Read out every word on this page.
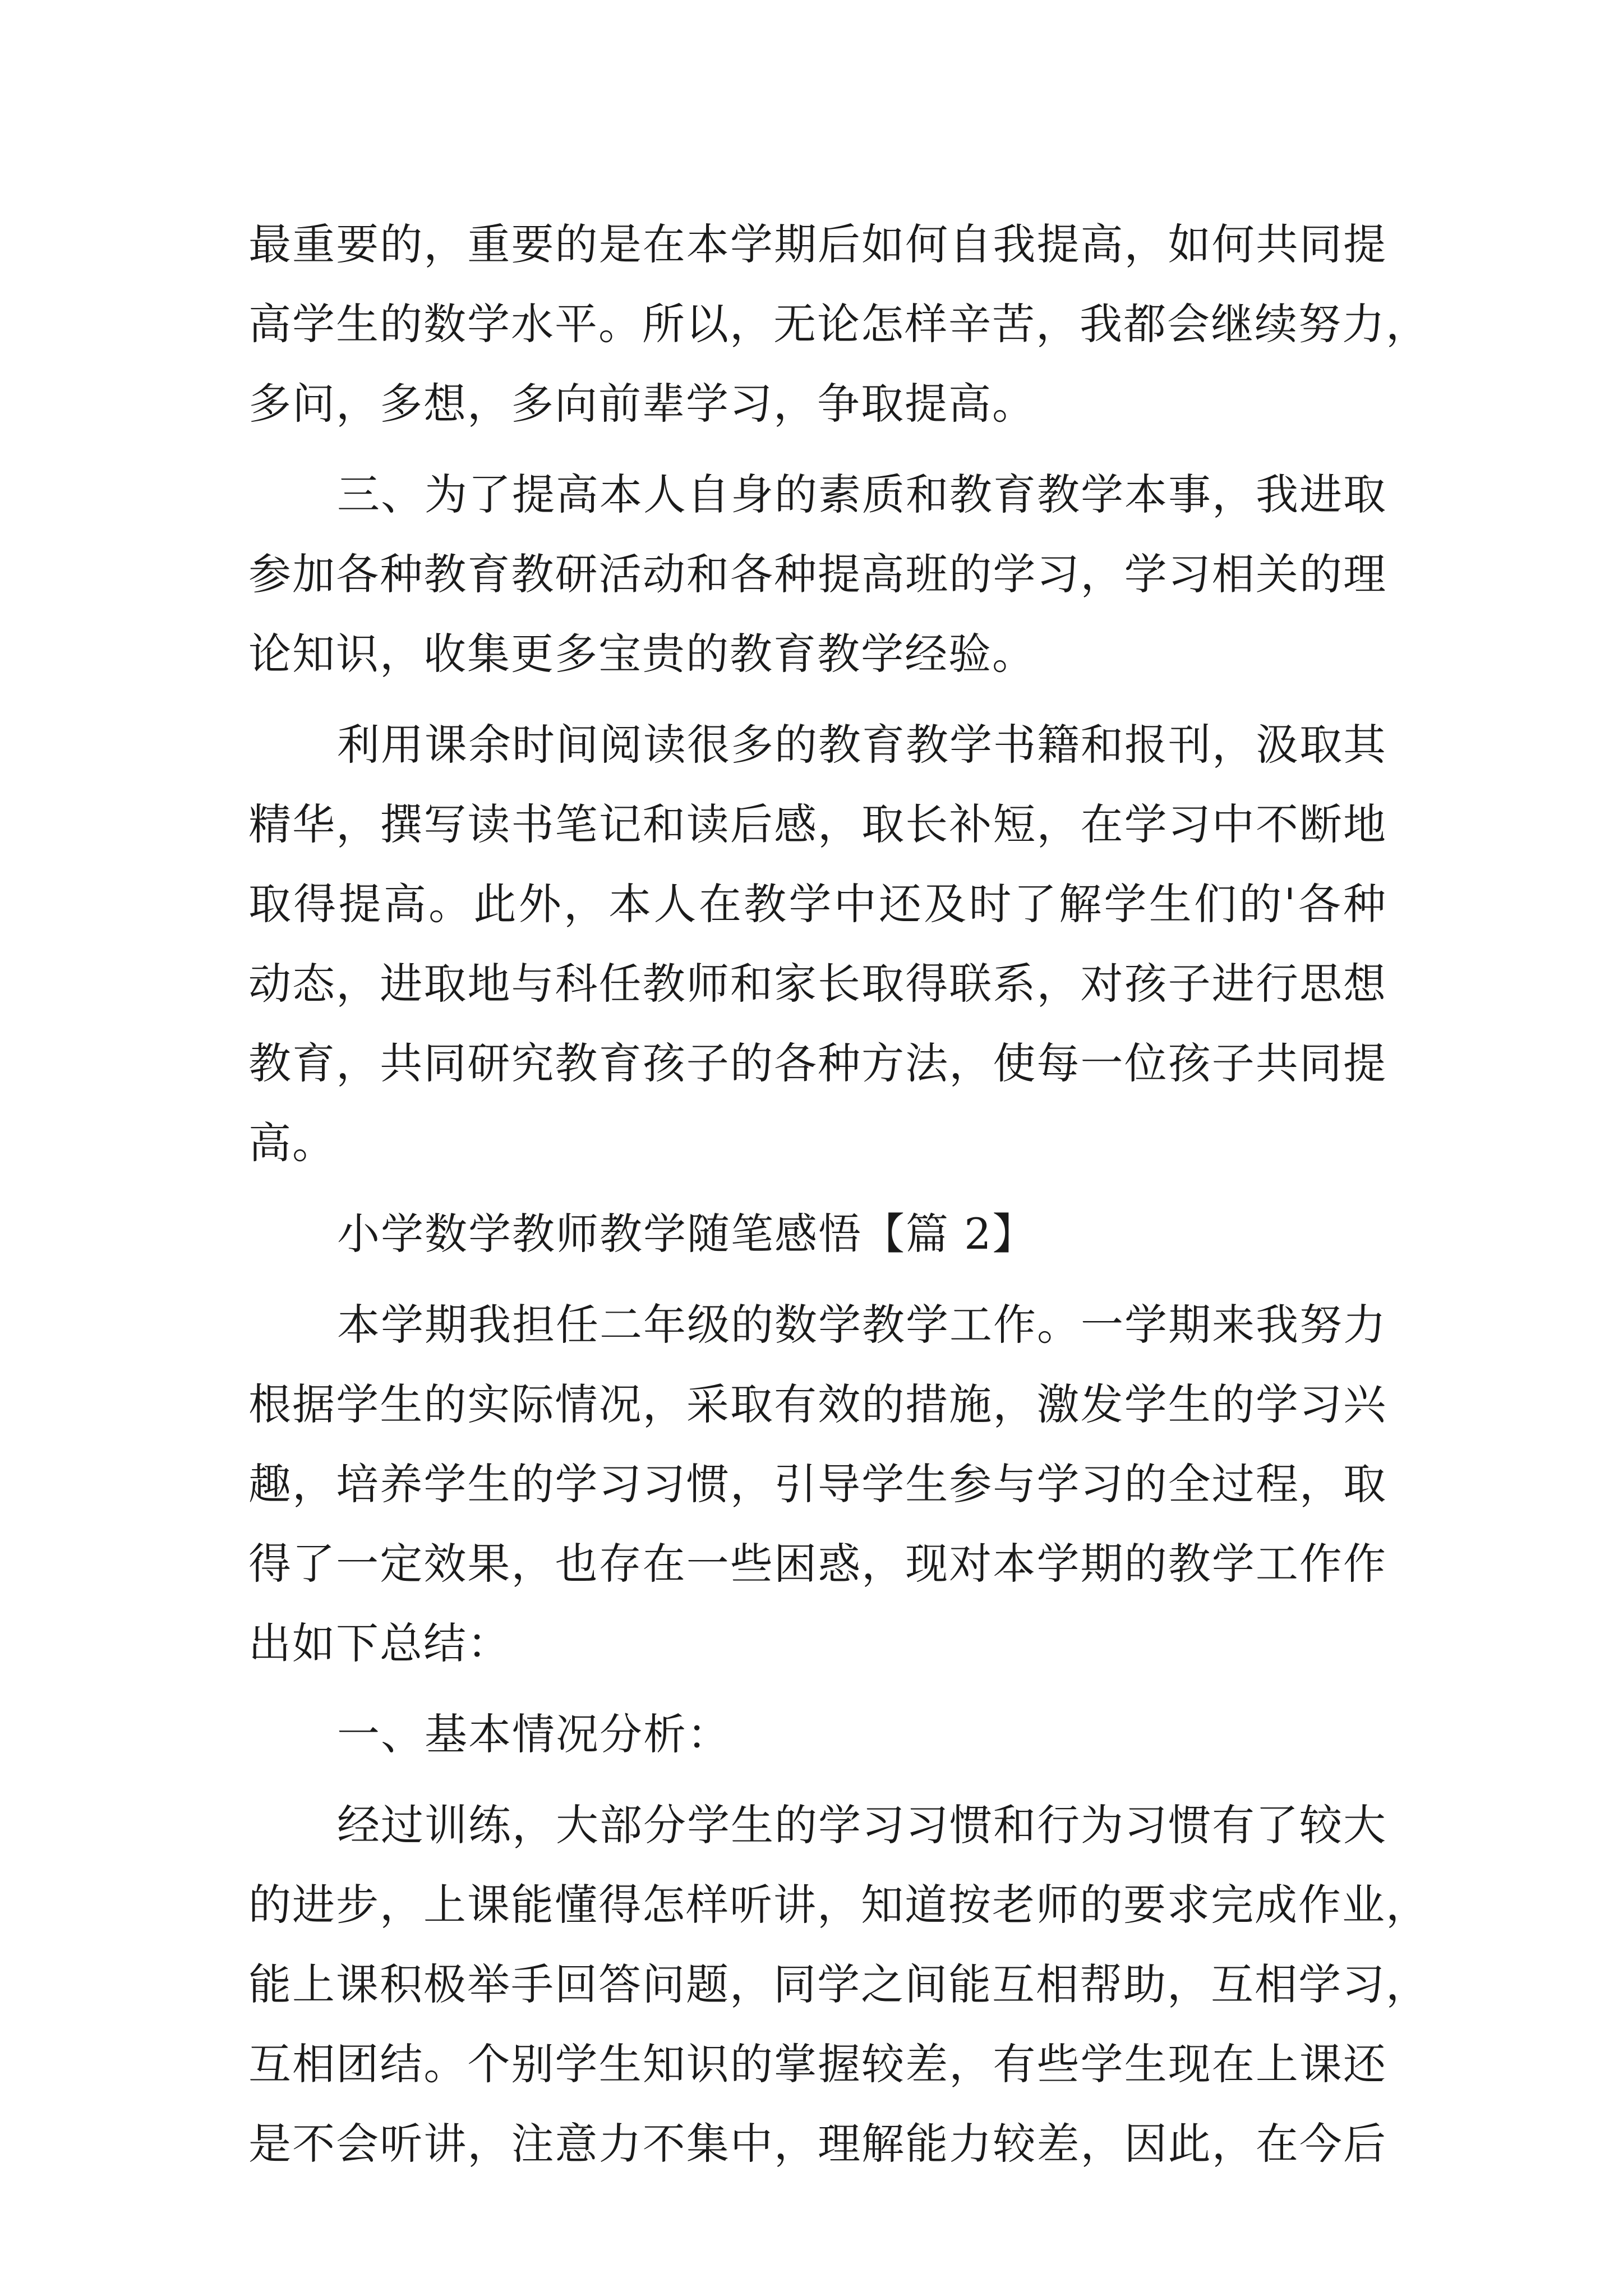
最重要的，重要的是在本学期后如何自我提高，如何共同提
高学生的数学水平。所以，无论怎样辛苦，我都会继续努力，
多问，多想，多向前辈学习，争取提高。
三、为了提高本人自身的素质和教育教学本事，我进取
参加各种教育教研活动和各种提高班的学习，学习相关的理
论知识，收集更多宝贵的教育教学经验。
利用课余时间阅读很多的教育教学书籍和报刊，汲取其
精华，撰写读书笔记和读后感，取长补短，在学习中不断地
取得提高。此外，本人在教学中还及时了解学生们的'各种
动态，进取地与科任教师和家长取得联系，对孩子进行思想
教育，共同研究教育孩子的各种方法，使每一位孩子共同提
高。
小学数学教师教学随笔感悟【篇 2】
本学期我担任二年级的数学教学工作。一学期来我努力
根据学生的实际情况，采取有效的措施，激发学生的学习兴
趣，培养学生的学习习惯，引导学生参与学习的全过程，取
得了一定效果，也存在一些困惑，现对本学期的教学工作作
出如下总结：
一、基本情况分析：
经过训练，大部分学生的学习习惯和行为习惯有了较大
的进步，上课能懂得怎样听讲，知道按老师的要求完成作业，
能上课积极举手回答问题，同学之间能互相帮助，互相学习，
互相团结。个别学生知识的掌握较差，有些学生现在上课还
是不会听讲，注意力不集中，理解能力较差，因此，在今后
